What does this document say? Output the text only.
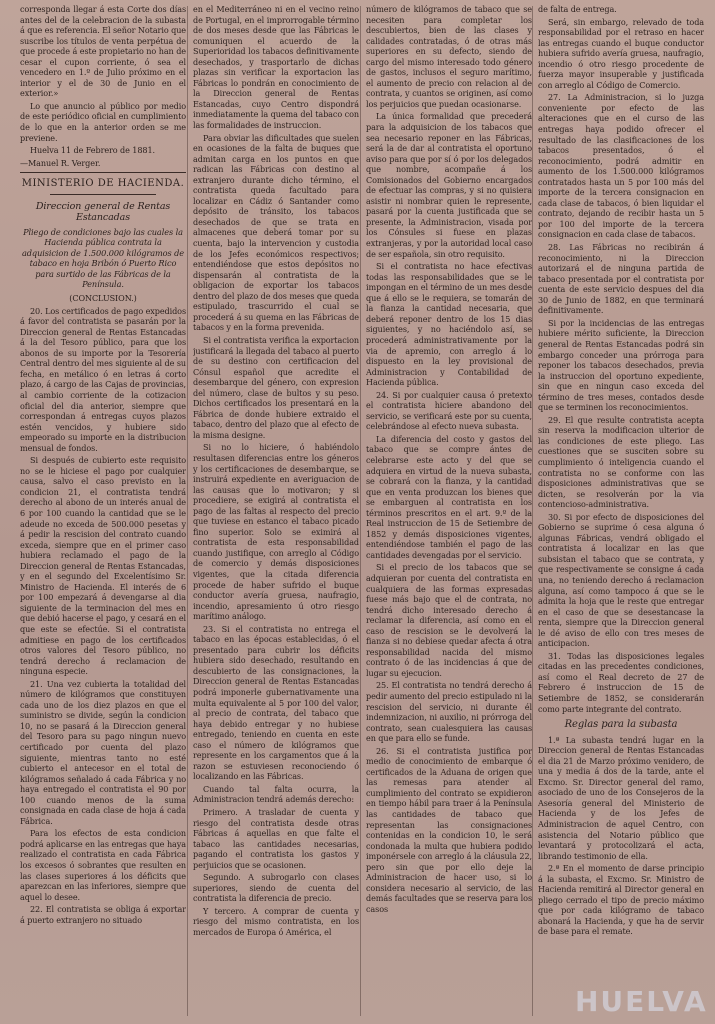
corresponda llegar á esta Corte dos días antes del de la celebracion de la subasta á que es referencia. El señor Notario que suscribe los títulos de venta perpétua de que procede á este propietario no han de cesar el cupon corriente, ó sea el vencedero en 1.º de Julio próximo en el interior y el de 30 de Junio en el exterior.»

Lo que anuncio al público por medio de este periódico oficial en cumplimiento de lo que en la anterior orden se me previene.

Huelva 11 de Febrero de 1881.

—Manuel R. Verger.

MINISTERIO DE HACIENDA.
Direccion general de Rentas Estancadas

Pliego de condiciones bajo las cuales la Hacienda pública contrata la adquisicion de 1.500.000 kilógramos de tabaco en hoja Bribón ó Puerto Rico para surtido de las Fábricas de la Península.

(CONCLUSION.)

20. Los certificados de pago expedidos á favor del contratista se pasarán por la Direccion general de Rentas Estancadas á la del Tesoro público, para que los abonos de su importe por la Tesorería Central dentro del mes siguiente al de su fecha, en metálico ó en letras á corto plazo, á cargo de las Cajas de provincias, al cambio corriente de la cotizacion oficial del dia anterior, siempre que correspondan á entregas cuyos plazos estén vencidos, y hubiere sido empeorado su importe en la distribucion mensual de fondos.

Si después de cubierto este requisito no se le hiciese el pago por cualquier causa, salvo el caso previsto en la condicion 21, el contratista tendrá derecho al abono de un interés anual de 6 por 100 cuando la cantidad que se le adeude no exceda de 500.000 pesetas y á pedir la rescision del contrato cuando exceda, siempre que en el primer caso hubiera reclamado el pago de la Direccion general de Rentas Estancadas, y en el segundo del Excelentísimo Sr. Ministro de Hacienda. El interés de 6 por 100 empezará á devengarse al dia siguiente de la terminacion del mes en que debió hacerse el pago, y cesará en el que este se efectúe. Si el contratista admitiese en pago de los certificados otros valores del Tesoro público, no tendrá derecho á reclamacion de ninguna especie.

21. Una vez cubierta la totalidad del número de kilógramos que constituyen cada uno de los diez plazos en que el suministro se divide, según la condicion 10, no se pasará á la Direccion general del Tesoro para su pago ningun nuevo certificado por cuenta del plazo siguiente, mientras tanto no esté cubierto el antecesor en el total de kilógramos señalado á cada Fábrica y no haya entregado el contratista el 90 por 100 cuando menos de la suma consignada en cada clase de hoja á cada Fábrica.

Para los efectos de esta condicion podrá aplicarse en las entregas que haya realizado el contratista en cada Fábrica los excesos ó sobrantes que resulten en las clases superiores á los déficits que aparezcan en las inferiores, siempre que aquel lo desee.

22. El contratista se obliga á exportar á puerto extranjero no situado

en el Mediterráneo ni en el vecino reino de Portugal, en el improrrogable término de dos meses desde que las Fábricas le comuniquen el acuerdo de la Superioridad los tabacos definitivamente desechados, y trasportarlo de dichas plazas sin verificar la exportacion las Fábricas lo pondrán en conocimiento de la Direccion general de Rentas Estancadas, cuyo Centro dispondrá inmediatamente la quema del tabaco con las formalidades de instruccion.

Para obviar las dificultades que suelen en ocasiones de la falta de buques que admitan carga en los puntos en que radican las Fábricas con destino al extranjero durante dicho término, el contratista queda facultado para localizar en Cádiz ó Santander como depósito de tránsito, los tabacos desechados de que se trata en almacenes que deberá tomar por su cuenta, bajo la intervencion y custodia de los Jefes económicos respectivos; entendiéndose que estos depósitos no dispensarán al contratista de la obligacion de exportar los tabacos dentro del plazo de dos meses que queda estipulado, trascurrido el cual se procederá á su quema en las Fábricas de tabacos y en la forma prevenida.

Si el contratista verifica la exportacion justificará la llegada del tabaco al puerto de su destino con certificacion del Cónsul español que acredite el desembarque del género, con expresion del número, clase de bultos y su peso. Dichos certificados los presentará en la Fábrica de donde hubiere extraido el tabaco, dentro del plazo que al efecto de la misma designe.

Si no lo hiciere, ó habiéndolo resultasen diferencias entre los géneros y los certificaciones de desembarque, se instruirá expediente en averiguacion de las causas que lo motivaron; y si procediere, se exigirá al contratista el pago de las faltas al respecto del precio que tuviese en estanco el tabaco picado fino superior. Solo se eximirá al contratista de esta responsabilidad cuando justifique, con arreglo al Código de comercio y demás disposiciones vigentes, que la citada diferencia procede de haber sufrido el buque conductor avería gruesa, naufragio, incendio, apresamiento ú otro riesgo marítimo análogo.

23. Si el contratista no entrega el tabaco en las épocas establecidas, ó el presentado para cubrir los déficits hubiera sido desechado, resultando en descubierto de las consignaciones, la Direccion general de Rentas Estancadas podrá imponerle gubernativamente una multa equivalente al 5 por 100 del valor, al precio de contrata, del tabaco que haya debido entregar y no hubiese entregado, teniendo en cuenta en este caso el número de kilógramos que represente en los cargamentos que á la razon se estuviesen reconociendo ó localizando en las Fábricas.

Cuando tal falta ocurra, la Administracion tendrá además derecho:

Primero. A trasladar de cuenta y riesgo del contratista desde otras Fábricas á aquellas en que falte el tabaco las cantidades necesarias, pagando el contratista los gastos y perjuicios que se ocasionen.

Segundo. A subrogarlo con clases superiores, siendo de cuenta del contratista la diferencia de precio.

Y tercero. A comprar de cuenta y riesgo del mismo contratista, en los mercados de Europa ó América, el

número de kilógramos de tabaco que se necesiten para completar los descubiertos, bien de las clases y calidades contratadas, ó de otras más superiores en su defecto, siendo de cargo del mismo interesado todo género de gastos, inclusos el seguro marítimo, el aumento de precio con relacion al de contrata, y cuantos se originen, así como los perjuicios que puedan ocasionarse.

La única formalidad que precederá para la adquisicion de los tabacos que sea necesario reponer en las Fábricas, será la de dar al contratista el oportuno aviso para que por sí ó por los delegados que nombre, acompañe á los Comisionados del Gobierno encargados de efectuar las compras, y si no quisiera asistir ni nombrar quien le represente, pasará por la cuenta justificada que se presente, la Administracion, visada por los Cónsules si fuese en plazas extranjeras, y por la autoridad local caso de ser española, sin otro requisito.

Si el contratista no hace efectivas todas las responsabilidades que se le impongan en el término de un mes desde que á ello se le requiera, se tomarán de la fianza la cantidad necesaria, que deberá reponer dentro de los 15 dias siguientes, y no haciéndolo así, se procederá administrativamente por la via de apremio, con arreglo á lo dispuesto en la ley provisional de Administracion y Contabilidad de Hacienda pública.

24. Si por cualquier causa ó pretexto el contratista hiciere abandono del servicio, se verificará este por su cuenta, celebrándose al efecto nueva subasta.

La diferencia del costo y gastos del tabaco que se compre ántes de celebrarse este acto y del que se adquiera en virtud de la nueva subasta, se cobrará con la fianza, y la cantidad que en venta produzcan los bienes que se embarguen al contratista en los términos prescritos en el art. 9.º de la Real instruccion de 15 de Setiembre de 1852 y demás disposiciones vigentes, entendiéndose también el pago de las cantidades devengadas por el servicio.

Si el precio de los tabacos que se adquieran por cuenta del contratista en cualquiera de las formas expresadas fuese más bajo que el de contrata, no tendrá dicho interesado derecho á reclamar la diferencia, así como en el caso de rescision se le devolverá la fianza si no debiese quedar afecta á otra responsabilidad nacida del mismo contrato ó de las incidencias á que de lugar su ejecucion.

25. El contratista no tendrá derecho á pedir aumento del precio estipulado ni la rescision del servicio, ni durante él indemnizacion, ni auxilio, ni prórroga del contrato, sean cualesquiera las causas en que para ello se funde.

26. Si el contratista justifica por medio de conocimiento de embarque ó certificados de la Aduana de origen que las remesas para atender al cumplimiento del contrato se expidieron en tiempo hábil para traer á la Península las cantidades de tabaco que representan las consignaciones contenidas en la condicion 10, le será condonada la multa que hubiera podido imponérsele con arreglo á la cláusula 22, pero sin que por ello deje la Administracion de hacer uso, si lo considera necesario al servicio, de las demás facultades que se reserva para los casos

de falta de entrega.

Será, sin embargo, relevado de toda responsabilidad por el retraso en hacer las entregas cuando el buque conductor hubiera sufrido avería gruesa, naufragio, incendio ó otro riesgo procedente de fuerza mayor insuperable y justificada con arreglo al Código de Comercio.

27. La Administracion, si lo juzga conveniente por efecto de las alteraciones que en el curso de las entregas haya podido ofrecer el resultado de las clasificaciones de los tabacos presentados, ó el reconocimiento, podrá admitir en aumento de los 1.500.000 kilógramos contratados hasta un 5 por 100 más del importe de la tercera consignacion en cada clase de tabacos, ó bien liquidar el contrato, dejando de recibir hasta un 5 por 100 del importe de la tercera consignacion en cada clase de tabacos.

28. Las Fábricas no recibirán á reconocimiento, ni la Direccion autorizará el de ninguna partida de tabaco presentada por el contratista por cuenta de este servicio despues del dia 30 de Junio de 1882, en que terminará definitivamente.

Si por la incidencias de las entregas hubiere mérito suficiente, la Direccion general de Rentas Estancadas podrá sin embargo conceder una prórroga para reponer los tabacos desechados, previa la instruccion del oportuno expediente, sin que en ningun caso exceda del término de tres meses, contados desde que se terminen los reconocimientos.

29. El que resulte contratista acepta sin reserva la modificacion ulterior de las condiciones de este pliego. Las cuestiones que se susciten sobre su cumplimiento ó inteligencia cuando el contratista no se conforme con las disposiciones administrativas que se dicten, se resolverán por la via contencioso-administrativa.

30. Si por efecto de disposiciones del Gobierno se suprime ó cesa alguna ó algunas Fábricas, vendrá obligado el contratista á localizar en las que subsistan el tabaco que se contrata, y que respectivamente se consigne á cada una, no teniendo derecho á reclamacion alguna, así como tampoco á que se le admita la hoja que le reste que entregar en el caso de que se desestancase la renta, siempre que la Direccion general le dé aviso de ello con tres meses de anticipacion.

31. Todas las disposiciones legales citadas en las precedentes condiciones, así como el Real decreto de 27 de Febrero é instruccion de 15 de Setiembre de 1852, se considerarán como parte integrante del contrato.

Reglas para la subasta

1.ª La subasta tendrá lugar en la Direccion general de Rentas Estancadas el dia 21 de Marzo próximo venidero, de una y media á dos de la tarde, ante el Excmo. Sr. Director general del ramo, asociado de uno de los Consejeros de la Asesoría general del Ministerio de Hacienda y de los Jefes de Administracion de aquel Centro, con asistencia del Notario público que levantará y protocolizará el acta, librando testimonio de ella.

2.ª En el momento de darse principio á la subasta, el Excmo. Sr. Ministro de Hacienda remitirá al Director general en pliego cerrado el tipo de precio máximo que por cada kilógramo de tabaco abonará la Hacienda, y que ha de servir de base para el remate.

HUELVA
